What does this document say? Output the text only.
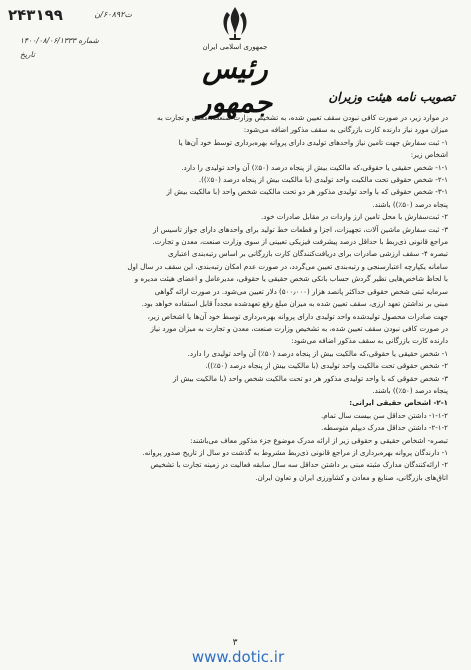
۲۴۳۱۹۹	ت۶۰۸۹۲/ن
شماره ۱۴۰۰/۰۸/۰۶/۱۳۳۳
تاریخ
جمهوری اسلامی ایران
رئیس جمهور	تصویب نامه هیئت وزیران
در موارد زیر، در صورت کافی نبودن سقف تعیین شده، به تشخیص وزارت صنعت، معدن و تجارت به
میزان مورد نیاز دارنده کارت بازرگانی به سقف مذکور اضافه می‌شود:
۱- ثبت سفارش جهت تامین نیاز واحدهای تولیدی دارای پروانه بهره‌برداری توسط خود آن‌ها یا
اشخاص زیر:
۱-۱- شخص حقیقی یا حقوقی،که مالکیت بیش از پنجاه درصد (۵۰٪) آن واحد تولیدی را دارد.
۲-۱- شخص حقوقی تحت مالکیت واحد تولیدی (با مالکیت بیش از پنجاه درصد (۵۰٪)).
۳-۱- شخص حقوقی که با واحد تولیدی مذکور هر دو تحت مالکیت شخص واحد (با مالکیت بیش از
پنجاه درصد (۵۰٪)) باشند.
۲- ثبت‌سفارش با محل تامین ارز واردات در مقابل صادرات خود.
۳- ثبت سفارش ماشین آلات، تجهیزات، اجزا و قطعات خط تولید برای واحدهای دارای جواز تاسیس از
مراجع قانونی ذی‌ربط با حداقل درصد پیشرفت فیزیکی تعیینی از سوی وزارت صنعت، معدن و تجارت.
تبصره ۴- سقف ارزشی صادرات برای دریافت‌کنندگان کارت بازرگانی بر اساس رتبه‌بندی اعتباری
سامانه یکپارچه اعتبارسنجی و رتبه‌بندی تعیین می‌گردد، در صورت عدم امکان رتبه‌بندی، این سقف در سال اول
با لحاظ شاخص‌هایی نظیر گردش حساب بانکی شخص حقیقی یا حقوقی، مدیرعامل و اعضای هیئت مدیره و
سرمایه ثبتی شخص حقوقی حداکثر پانصد هزار (۵۰۰٫۰۰۰) دلار تعیین می‌شود. در صورت ارائه گواهی
مبنی بر نداشتن تعهد ارزی، سقف تعیین شده به میزان مبلغ رفع تعهدشده مجدداً قابل استفاده خواهد بود.
جهت صادرات محصول تولیدشده واحد تولیدی دارای پروانه بهره‌برداری توسط خود آن‌ها یا اشخاص زیر،
در صورت کافی نبودن سقف تعیین شده، به تشخیص وزارت صنعت، معدن و تجارت به میزان مورد نیاز
دارنده کارت بازرگانی به سقف مذکور اضافه می‌شود:
۱- شخص حقیقی یا حقوقی،که مالکیت بیش از پنجاه درصد (۵۰٪) آن واحد تولیدی را دارد.
۲- شخص حقوقی تحت مالکیت واحد تولیدی (با مالکیت بیش از پنجاه درصد (۵۰٪)).
۳- شخص حقوقی که با واحد تولیدی مذکور هر دو تحت مالکیت شخص واحد (با مالکیت بیش از
پنجاه درصد (۵۰٪)) باشند.
۲-۱- اشخاص حقیقی ایرانی:
۱-۱-۲- داشتن حداقل سن بیست سال تمام.
۲-۱-۲- داشتن حداقل مدرک دیپلم متوسطه.
تبصره- اشخاص حقیقی و حقوقی زیر از ارائه مدرک موضوع جزء مذکور معاف می‌باشند:
۱- دارندگان پروانه بهره‌برداری از مراجع قانونی ذی‌ربط مشروط به گذشت دو سال از تاریخ صدور پروانه.
۲- ارائه‌کنندگان مدارک مثبته مبنی بر داشتن حداقل سه سال سابقه فعالیت در زمینه تجارت با تشخیص
اتاق‌های بازرگانی، صنایع و معادن و کشاورزی ایران و تعاون ایران.
۳
www.dotic.ir
